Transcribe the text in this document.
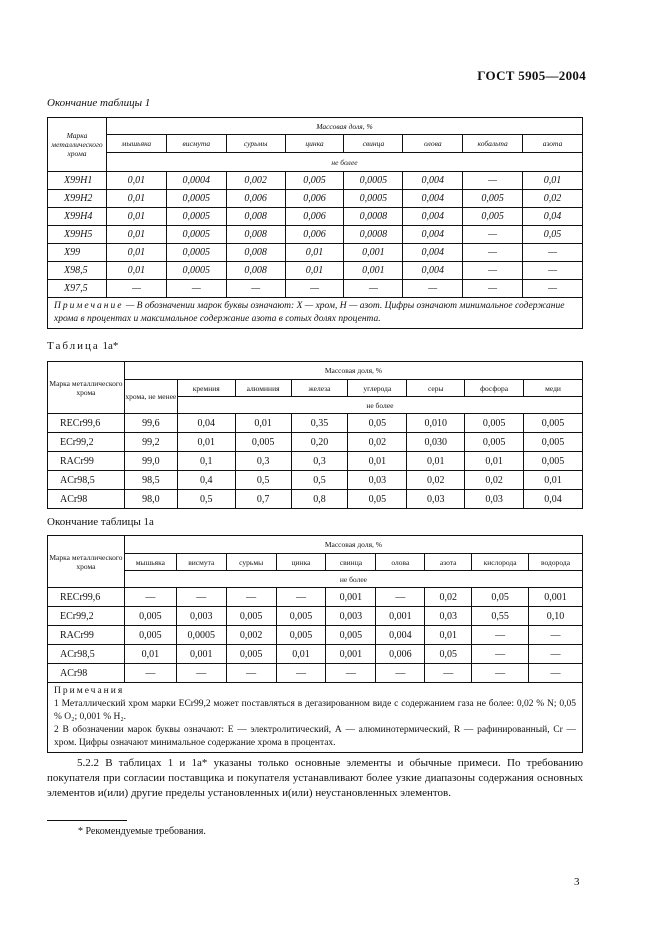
ГОСТ 5905—2004
Окончание таблицы 1
Марка металлического хрома	Массовая доля, %							
	мышьяка	висмута	сурьмы	цинка	свинца	олова	кобальта	азота
	не более							
Х99Н1	0,01	0,0004	0,002	0,005	0,0005	0,004	—	0,01
Х99Н2	0,01	0,0005	0,006	0,006	0,0005	0,004	0,005	0,02
Х99Н4	0,01	0,0005	0,008	0,006	0,0008	0,004	0,005	0,04
Х99Н5	0,01	0,0005	0,008	0,006	0,0008	0,004	—	0,05
Х99	0,01	0,0005	0,008	0,01	0,001	0,004	—	—
Х98,5	0,01	0,0005	0,008	0,01	0,001	0,004	—	—
Х97,5	—	—	—	—	—	—	—	—
Примечание — В обозначении марок буквы означают: Х — хром, Н — азот. Цифры означают минимальное содержание хрома в процентах и максимальное содержание азота в сотых долях процента.								
Таблица 1а*
Марка металлического хрома	Массовая доля, %							
	хрома, не менее	кремния	алюминия	железа	углерода	серы	фосфора	меди
		не более						
RECr99,6	99,6	0,04	0,01	0,35	0,05	0,010	0,005	0,005
ECr99,2	99,2	0,01	0,005	0,20	0,02	0,030	0,005	0,005
RACr99	99,0	0,1	0,3	0,3	0,01	0,01	0,01	0,005
ACr98,5	98,5	0,4	0,5	0,5	0,03	0,02	0,02	0,01
ACr98	98,0	0,5	0,7	0,8	0,05	0,03	0,03	0,04
Окончание таблицы 1а
Марка металлического хрома	Массовая доля, %								
	мышьяка	висмута	сурьмы	цинка	свинца	олова	азота	кислорода	водорода
	не более								
RECr99,6	—	—	—	—	0,001	—	0,02	0,05	0,001
ECr99,2	0,005	0,003	0,005	0,005	0,003	0,001	0,03	0,55	0,10
RACr99	0,005	0,0005	0,002	0,005	0,005	0,004	0,01	—	—
ACr98,5	0,01	0,001	0,005	0,01	0,001	0,006	0,05	—	—
ACr98	—	—	—	—	—	—	—	—	—

Примечания
1 Металлический хром марки ECr99,2 может поставляться в дегазированном виде с содержанием газа не более: 0,02 % N; 0,05 % O₂; 0,001 % H₂.
2 В обозначении марок буквы означают: Е — электролитический, А — алюминотермический, R — рафинированный, Cr — хром. Цифры означают минимальное содержание хрома в процентах.									
5.2.2 В таблицах 1 и 1а* указаны только основные элементы и обычные примеси. По требованию покупателя при согласии поставщика и покупателя устанавливают более узкие диапазоны содержания основных элементов и(или) другие пределы установленных и(или) неустановленных элементов.
* Рекомендуемые требования.
3
